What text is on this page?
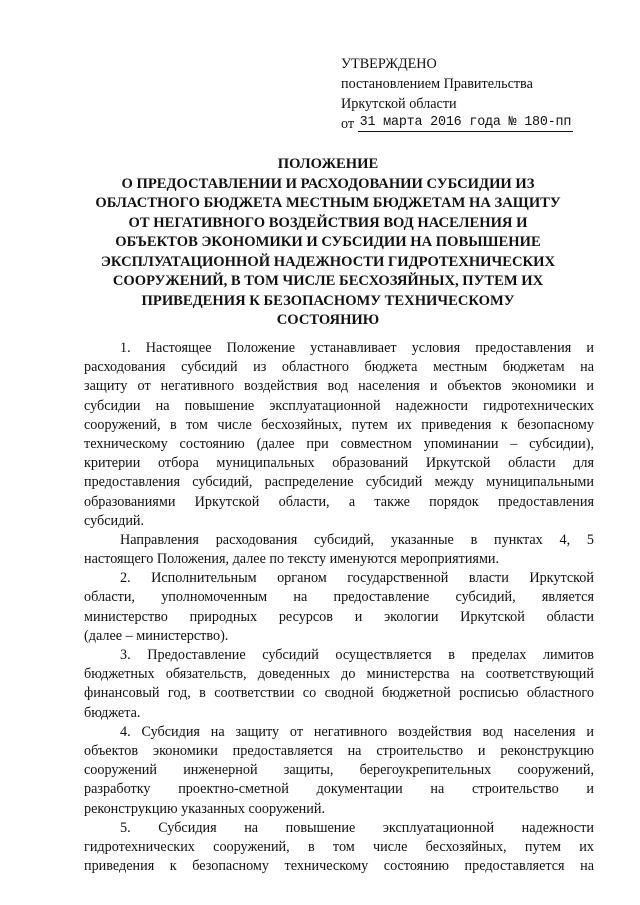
УТВЕРЖДЕНО
постановлением Правительства
Иркутской области
от 31 марта 2016 года № 180-пп
ПОЛОЖЕНИЕ
О ПРЕДОСТАВЛЕНИИ И РАСХОДОВАНИИ СУБСИДИИ ИЗ
ОБЛАСТНОГО БЮДЖЕТА МЕСТНЫМ БЮДЖЕТАМ НА ЗАЩИТУ
ОТ НЕГАТИВНОГО ВОЗДЕЙСТВИЯ ВОД НАСЕЛЕНИЯ И
ОБЪЕКТОВ ЭКОНОМИКИ И СУБСИДИИ НА ПОВЫШЕНИЕ
ЭКСПЛУАТАЦИОННОЙ НАДЕЖНОСТИ ГИДРОТЕХНИЧЕСКИХ
СООРУЖЕНИЙ, В ТОМ ЧИСЛЕ БЕСХОЗЯЙНЫХ, ПУТЕМ ИХ
ПРИВЕДЕНИЯ К БЕЗОПАСНОМУ ТЕХНИЧЕСКОМУ
СОСТОЯНИЮ
1. Настоящее Положение устанавливает условия предоставления и
расходования субсидий из областного бюджета местным бюджетам на
защиту от негативного воздействия вод населения и объектов экономики и
субсидии на повышение эксплуатационной надежности гидротехнических
сооружений, в том числе бесхозяйных, путем их приведения к безопасному
техническому состоянию (далее при совместном упоминании – субсидии),
критерии отбора муниципальных образований Иркутской области для
предоставления субсидий, распределение субсидий между муниципальными
образованиями Иркутской области, а также порядок предоставления
субсидий.
Направления расходования субсидий, указанные в пунктах 4, 5
настоящего Положения, далее по тексту именуются мероприятиями.
2. Исполнительным органом государственной власти Иркутской
области, уполномоченным на предоставление субсидий, является
министерство природных ресурсов и экологии Иркутской области
(далее – министерство).
3. Предоставление субсидий осуществляется в пределах лимитов
бюджетных обязательств, доведенных до министерства на соответствующий
финансовый год, в соответствии со сводной бюджетной росписью областного
бюджета.
4. Субсидия на защиту от негативного воздействия вод населения и
объектов экономики предоставляется на строительство и реконструкцию
сооружений инженерной защиты, берегоукрепительных сооружений,
разработку проектно-сметной документации на строительство и
реконструкцию указанных сооружений.
5. Субсидия на повышение эксплуатационной надежности
гидротехнических сооружений, в том числе бесхозяйных, путем их
приведения к безопасному техническому состоянию предоставляется на
